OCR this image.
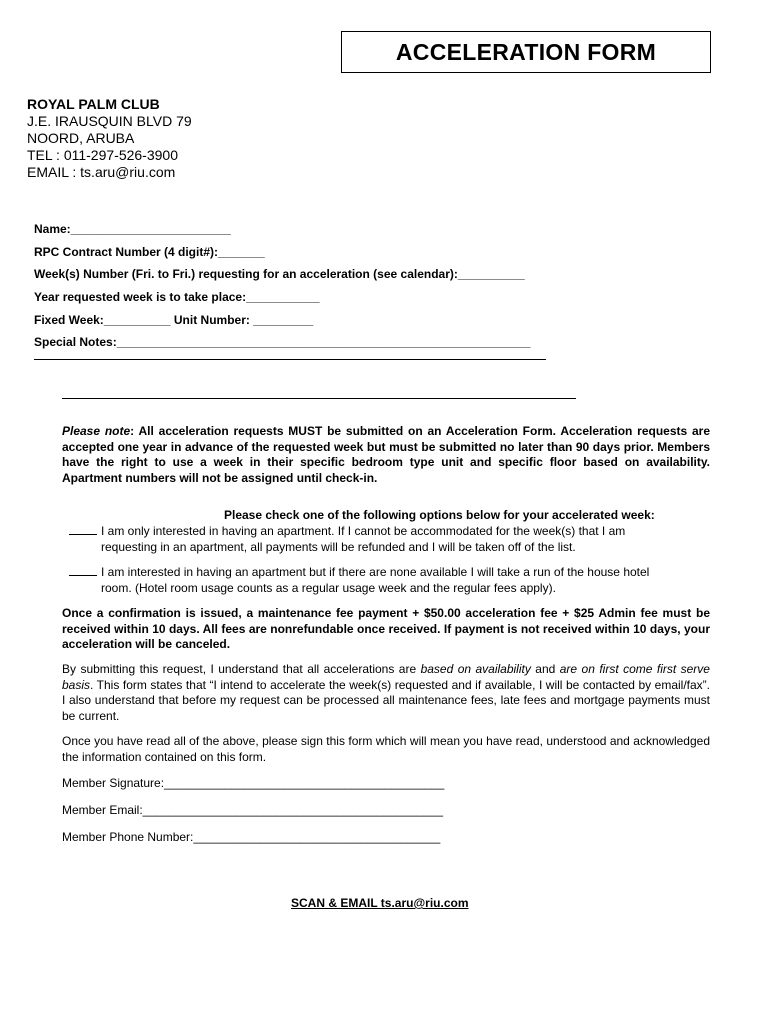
ACCELERATION FORM
ROYAL PALM CLUB
J.E. IRAUSQUIN BLVD 79
NOORD, ARUBA
TEL : 011-297-526-3900
EMAIL : ts.aru@riu.com
Name:________________________
RPC Contract Number (4 digit#):_______
Week(s) Number (Fri. to Fri.) requesting for an acceleration (see calendar):__________
Year requested week is to take place:___________
Fixed Week:__________ Unit Number: _________
Special Notes:______________________________________________________________
Please note: All acceleration requests MUST be submitted on an Acceleration Form. Acceleration requests are accepted one year in advance of the requested week but must be submitted no later than 90 days prior. Members have the right to use a week in their specific bedroom type unit and specific floor based on availability. Apartment numbers will not be assigned until check-in.
Please check one of the following options below for your accelerated week:
I am only interested in having an apartment. If I cannot be accommodated for the week(s) that I am
requesting in an apartment, all payments will be refunded and I will be taken off of the list.
I am interested in having an apartment but if there are none available I will take a run of the house hotel
room. (Hotel room usage counts as a regular usage week and the regular fees apply).
Once a confirmation is issued, a maintenance fee payment + $50.00 acceleration fee + $25 Admin fee must be received within 10 days. All fees are nonrefundable once received. If payment is not received within 10 days, your acceleration will be canceled.
By submitting this request, I understand that all accelerations are based on availability and are on first come first serve basis. This form states that “I intend to accelerate the week(s) requested and if available, I will be contacted by email/fax”. I also understand that before my request can be processed all maintenance fees, late fees and mortgage payments must be current.
Once you have read all of the above, please sign this form which will mean you have read, understood and acknowledged the information contained on this form.
Member Signature:__________________________________________
Member Email:_____________________________________________
Member Phone Number:_____________________________________
SCAN & EMAIL ts.aru@riu.com
